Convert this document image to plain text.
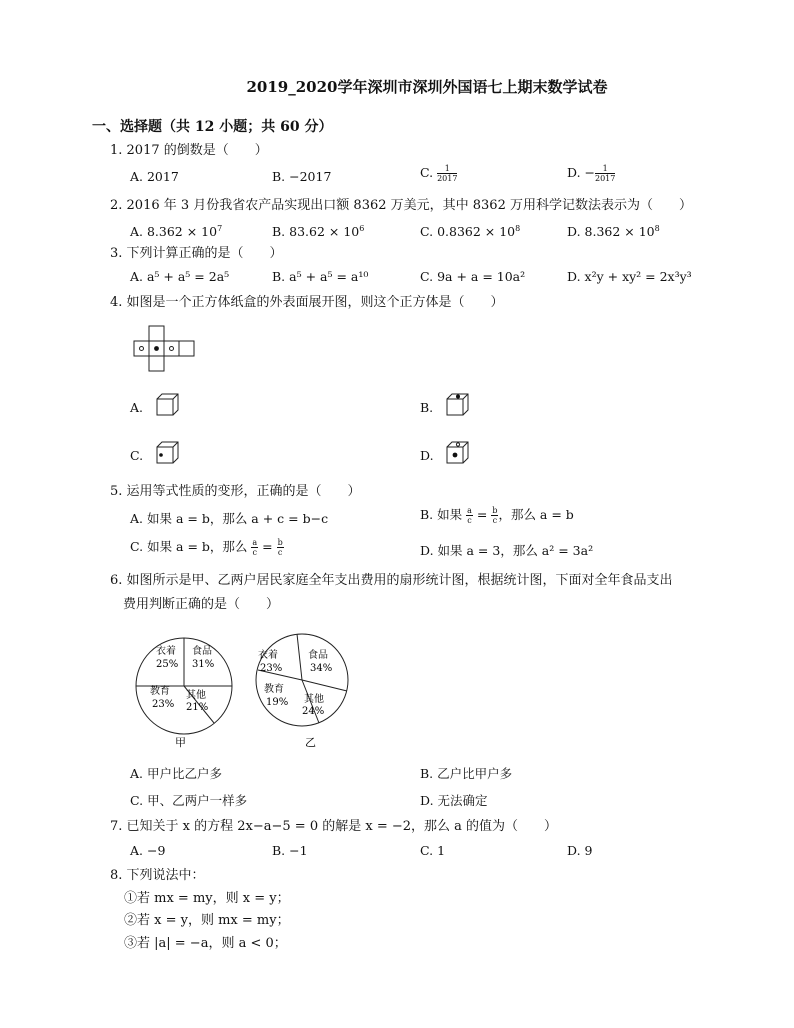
2019_2020学年深圳市深圳外国语七上期末数学试卷
一、选择题（共 12 小题；共 60 分）
1. 2017 的倒数是（　　）
A. 2017	B. −2017	C. $\frac{1}{2017}$	D. − $\frac{1}{2017}$
2. 2016 年 3 月份我省农产品实现出口额 8362 万美元，其中 8362 万用科学记数法表示为（　　）
A. $8.362 \times 10^7$	B. $83.62 \times 10^6$	C. $0.8362 \times 10^8$	D. $8.362 \times 10^8$
3. 下列计算正确的是（　　）
A. a⁵ + a⁵ = 2a⁵	B. a⁵ + a⁵ = a¹⁰	C. 9a + a = 10a²	D. x²y + xy² = 2x³y³
4. 如图是一个正方体纸盒的外表面展开图，则这个正方体是（　　）
A.	B.
C.	D.
5. 运用等式性质的变形，正确的是（　　）
A. 如果 a = b，那么 a + c = b−c	B. 如果 $\frac{a}{c} = \frac{b}{c}$ ，那么 a = b
C. 如果 a = b，那么 $\frac{a}{c} = \frac{b}{c}$	D. 如果 a = 3，那么 a² = 3a²
6. 如图所示是甲、乙两户居民家庭全年支出费用的扇形统计图，根据统计图，下面对全年食品支出
费用判断正确的是（　　）
衣着
25%
食品
31%
其他
21%
教育
23%
甲
衣着
23%
食品
34%
其他
24%
教育
19%
乙
A. 甲户比乙户多	B. 乙户比甲户多
C. 甲、乙两户一样多	D. 无法确定
7. 已知关于 x 的方程 2x−a−5 = 0 的解是 x = −2，那么 a 的值为（　　）
A. −9	B. −1	C. 1	D. 9
8. 下列说法中：
①若 mx = my，则 x = y；
②若 x = y，则 mx = my；
③若 |a| = −a，则 a < 0；
